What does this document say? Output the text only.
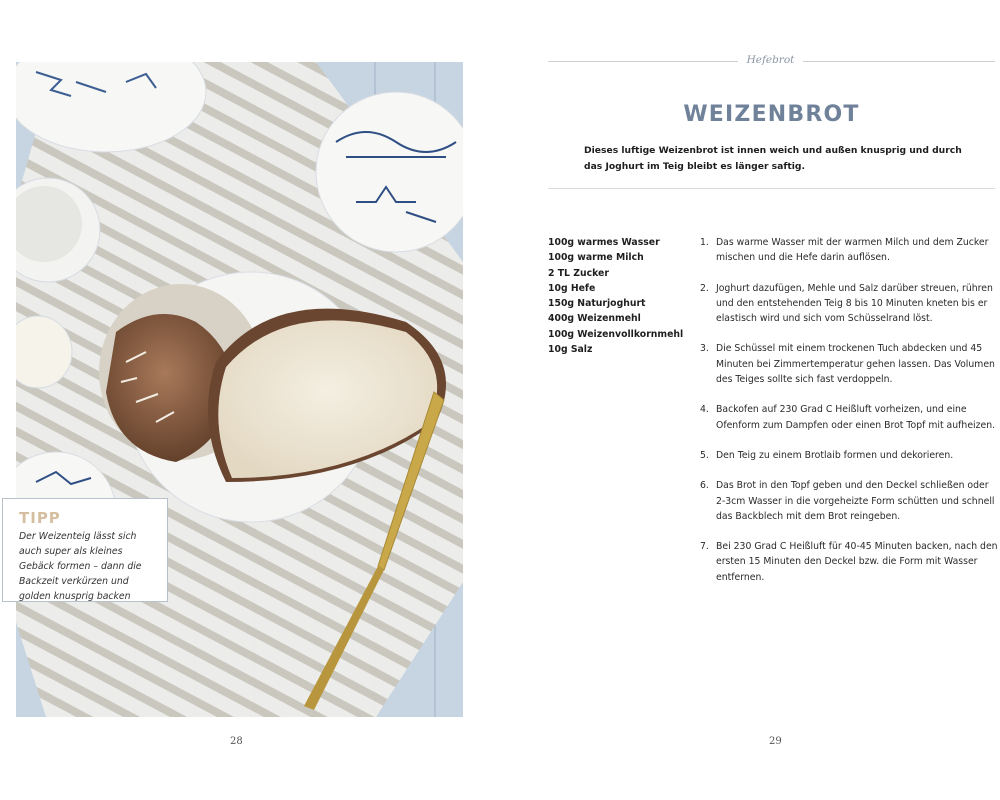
TIPP
Der Weizenteig lässt sich auch super als kleines Gebäck formen – dann die Backzeit verkürzen und golden knusprig backen
28
Hefebrot
WEIZENBROT

Dieses luftige Weizenbrot ist innen weich und außen knusprig und durch das Joghurt im Teig bleibt es länger saftig.

100g warmes Wasser
100g warme Milch
2 TL Zucker
10g Hefe
150g Naturjoghurt
400g Weizenmehl
100g Weizenvollkornmehl
10g Salz
1. Das warme Wasser mit der warmen Milch und dem Zucker mischen und die Hefe darin auflösen.
2. Joghurt dazufügen, Mehle und Salz darüber streuen, rühren und den entstehenden Teig 8 bis 10 Minuten kneten bis er elastisch wird und sich vom Schüsselrand löst.
3. Die Schüssel mit einem trockenen Tuch abdecken und 45 Minuten bei Zimmertemperatur gehen lassen. Das Volumen des Teiges sollte sich fast verdoppeln.
4. Backofen auf 230 Grad C Heißluft vorheizen, und eine Ofenform zum Dampfen oder einen Brot Topf mit aufheizen.
5. Den Teig zu einem Brotlaib formen und dekorieren.
6. Das Brot in den Topf geben und den Deckel schließen oder 2-3cm Wasser in die vorgeheizte Form schütten und schnell das Backblech mit dem Brot reingeben.
7. Bei 230 Grad C Heißluft für 40-45 Minuten backen, nach den ersten 15 Minuten den Deckel bzw. die Form mit Wasser entfernen.
29
